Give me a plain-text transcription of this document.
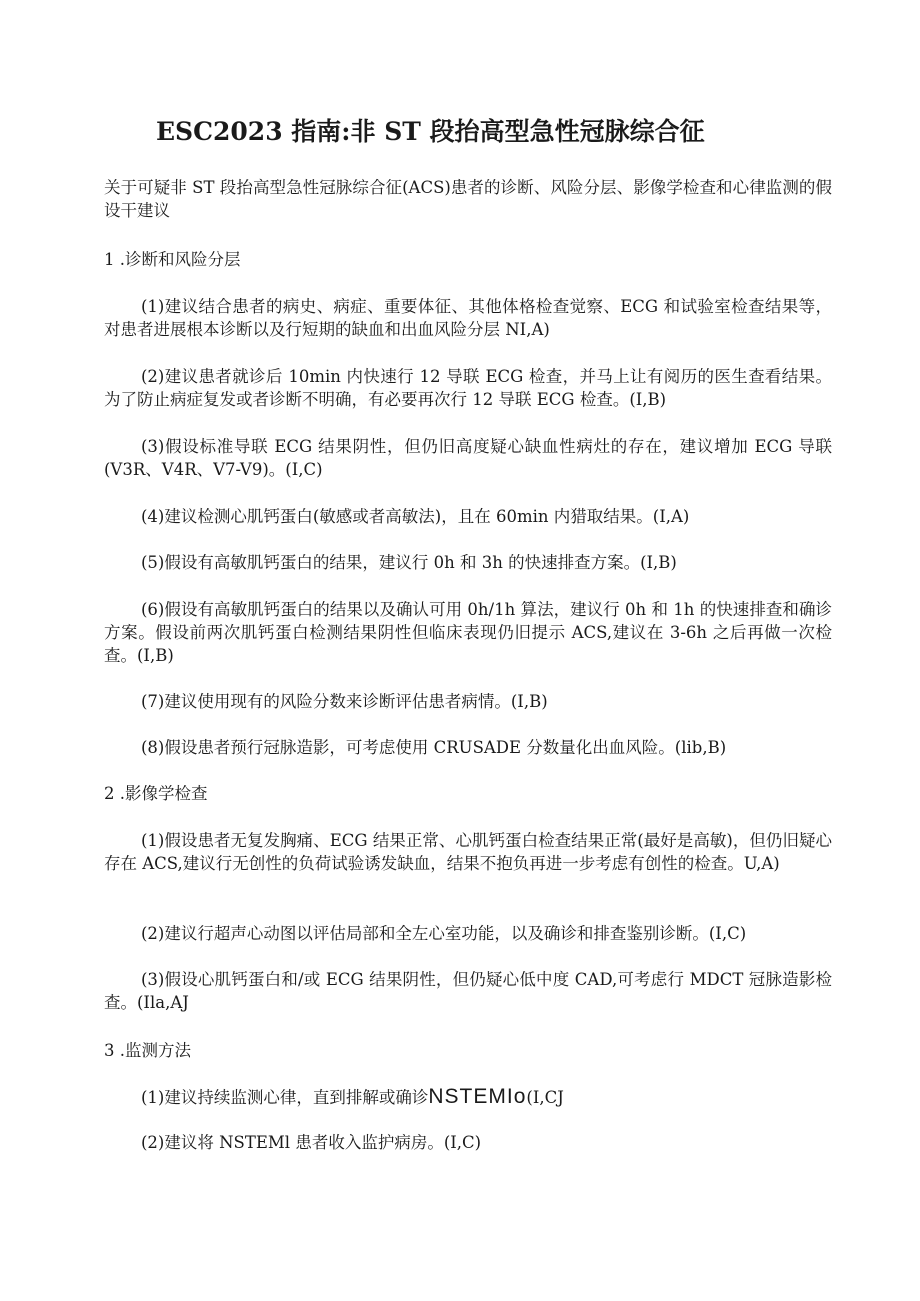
ESC2023 指南:非 ST 段抬高型急性冠脉综合征

关于可疑非 ST 段抬高型急性冠脉综合征(ACS)患者的诊断、风险分层、影像学检查和心律监测的假设干建议

1 .诊断和风险分层

(1)建议结合患者的病史、病症、重要体征、其他体格检查觉察、ECG 和试验室检查结果等，对患者进展根本诊断以及行短期的缺血和出血风险分层 NI,A)

(2)建议患者就诊后 10min 内快速行 12 导联 ECG 检查，并马上让有阅历的医生查看结果。为了防止病症复发或者诊断不明确，有必要再次行 12 导联 ECG 检查。(I,B)

(3)假设标准导联 ECG 结果阴性，但仍旧高度疑心缺血性病灶的存在，建议增加 ECG 导联(V3R、V4R、V7-V9)。(I,C)

(4)建议检测心肌钙蛋白(敏感或者高敏法)，且在 60min 内猎取结果。(I,A)

(5)假设有高敏肌钙蛋白的结果，建议行 0h 和 3h 的快速排查方案。(I,B)

(6)假设有高敏肌钙蛋白的结果以及确认可用 0h/1h 算法，建议行 0h 和 1h 的快速排查和确诊方案。假设前两次肌钙蛋白检测结果阴性但临床表现仍旧提示 ACS,建议在 3-6h 之后再做一次检查。(I,B)

(7)建议使用现有的风险分数来诊断评估患者病情。(I,B)

(8)假设患者预行冠脉造影，可考虑使用 CRUSADE 分数量化出血风险。(lib,B)

2 .影像学检查

(1)假设患者无复发胸痛、ECG 结果正常、心肌钙蛋白检查结果正常(最好是高敏)，但仍旧疑心存在 ACS,建议行无创性的负荷试验诱发缺血，结果不抱负再进一步考虑有创性的检查。U,A)

(2)建议行超声心动图以评估局部和全左心室功能，以及确诊和排查鉴别诊断。(I,C)

(3)假设心肌钙蛋白和/或 ECG 结果阴性，但仍疑心低中度 CAD,可考虑行 MDCT 冠脉造影检查。(Ila,AJ

3 .监测方法

(1)建议持续监测心律，直到排解或确诊NSTEMIo(I,CJ

(2)建议将 NSTEMl 患者收入监护病房。(I,C)
